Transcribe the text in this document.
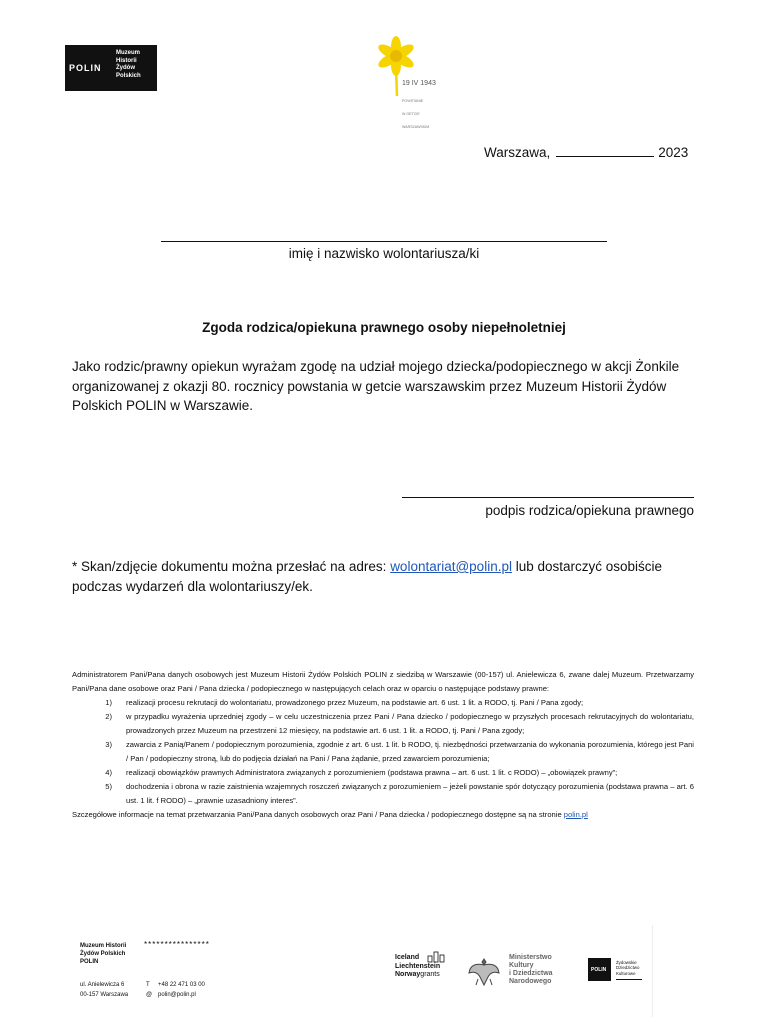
POLIN
Muzeum
Historii
Żydów
Polskich
19 IV 1943

POWSTANIE

W GETCIE

WARSZAWSKIM

Warszawa,	2023
imię i nazwisko wolontariusza/ki
Zgoda rodzica/opiekuna prawnego osoby niepełnoletniej
Jako rodzic/prawny opiekun wyrażam zgodę na udział mojego dziecka/podopiecznego w akcji Żonkile organizowanej z okazji 80. rocznicy powstania w getcie warszawskim przez Muzeum Historii Żydów Polskich POLIN w Warszawie.
podpis rodzica/opiekuna prawnego
* Skan/zdjęcie dokumentu można przesłać na adres: wolontariat@polin.pl lub dostarczyć osobiście podczas wydarzeń dla wolontariuszy/ek.

Administratorem Pani/Pana danych osobowych jest Muzeum Historii Żydów Polskich POLIN z siedzibą w Warszawie (00-157) ul. Anielewicza 6, zwane dalej Muzeum. Przetwarzamy Pani/Pana dane osobowe oraz Pani / Pana dziecka / podopiecznego w następujących celach oraz w oparciu o następujące podstawy prawne:

1)	realizacji procesu rekrutacji do wolontariatu, prowadzonego przez Muzeum, na podstawie art. 6 ust. 1 lit. a RODO, tj. Pani / Pana zgody;
2)	w przypadku wyrażenia uprzedniej zgody – w celu uczestniczenia przez Pani / Pana dziecko / podopiecznego w przyszłych procesach rekrutacyjnych do wolontariatu, prowadzonych przez Muzeum na przestrzeni 12 miesięcy, na podstawie art. 6 ust. 1 lit. a RODO, tj. Pani / Pana zgody;
3)	zawarcia z Panią/Panem / podopiecznym porozumienia, zgodnie z art. 6 ust. 1 lit. b RODO, tj. niezbędności przetwarzania do wykonania porozumienia, którego jest Pani / Pan / podopieczny stroną, lub do podjęcia działań na Pani / Pana żądanie, przed zawarciem porozumienia;
4)	realizacji obowiązków prawnych Administratora związanych z porozumieniem (podstawa prawna – art. 6 ust. 1 lit. c RODO) – „obowiązek prawny”;
5)	dochodzenia i obrona w razie zaistnienia wzajemnych roszczeń związanych z porozumieniem – jeżeli powstanie spór dotyczący porozumienia (podstawa prawna – art. 6 ust. 1 lit. f RODO) – „prawnie uzasadniony interes”.

Szczegółowe informacje na temat przetwarzania Pani/Pana danych osobowych oraz Pani / Pana dziecka / podopiecznego dostępne są na stronie polin.pl

Muzeum Historii
Żydów Polskich
POLIN
****************
ul. Anielewicza 6
00-157 Warszawa
T +48 22 471 03 00
@ polin@polin.pl
Iceland
Liechtenstein
Norwaygrants
Ministerstwo
Kultury
i Dziedzictwa
Narodowego
POLIN
Żydowskie
Dziedzictwo
Kulturowe
